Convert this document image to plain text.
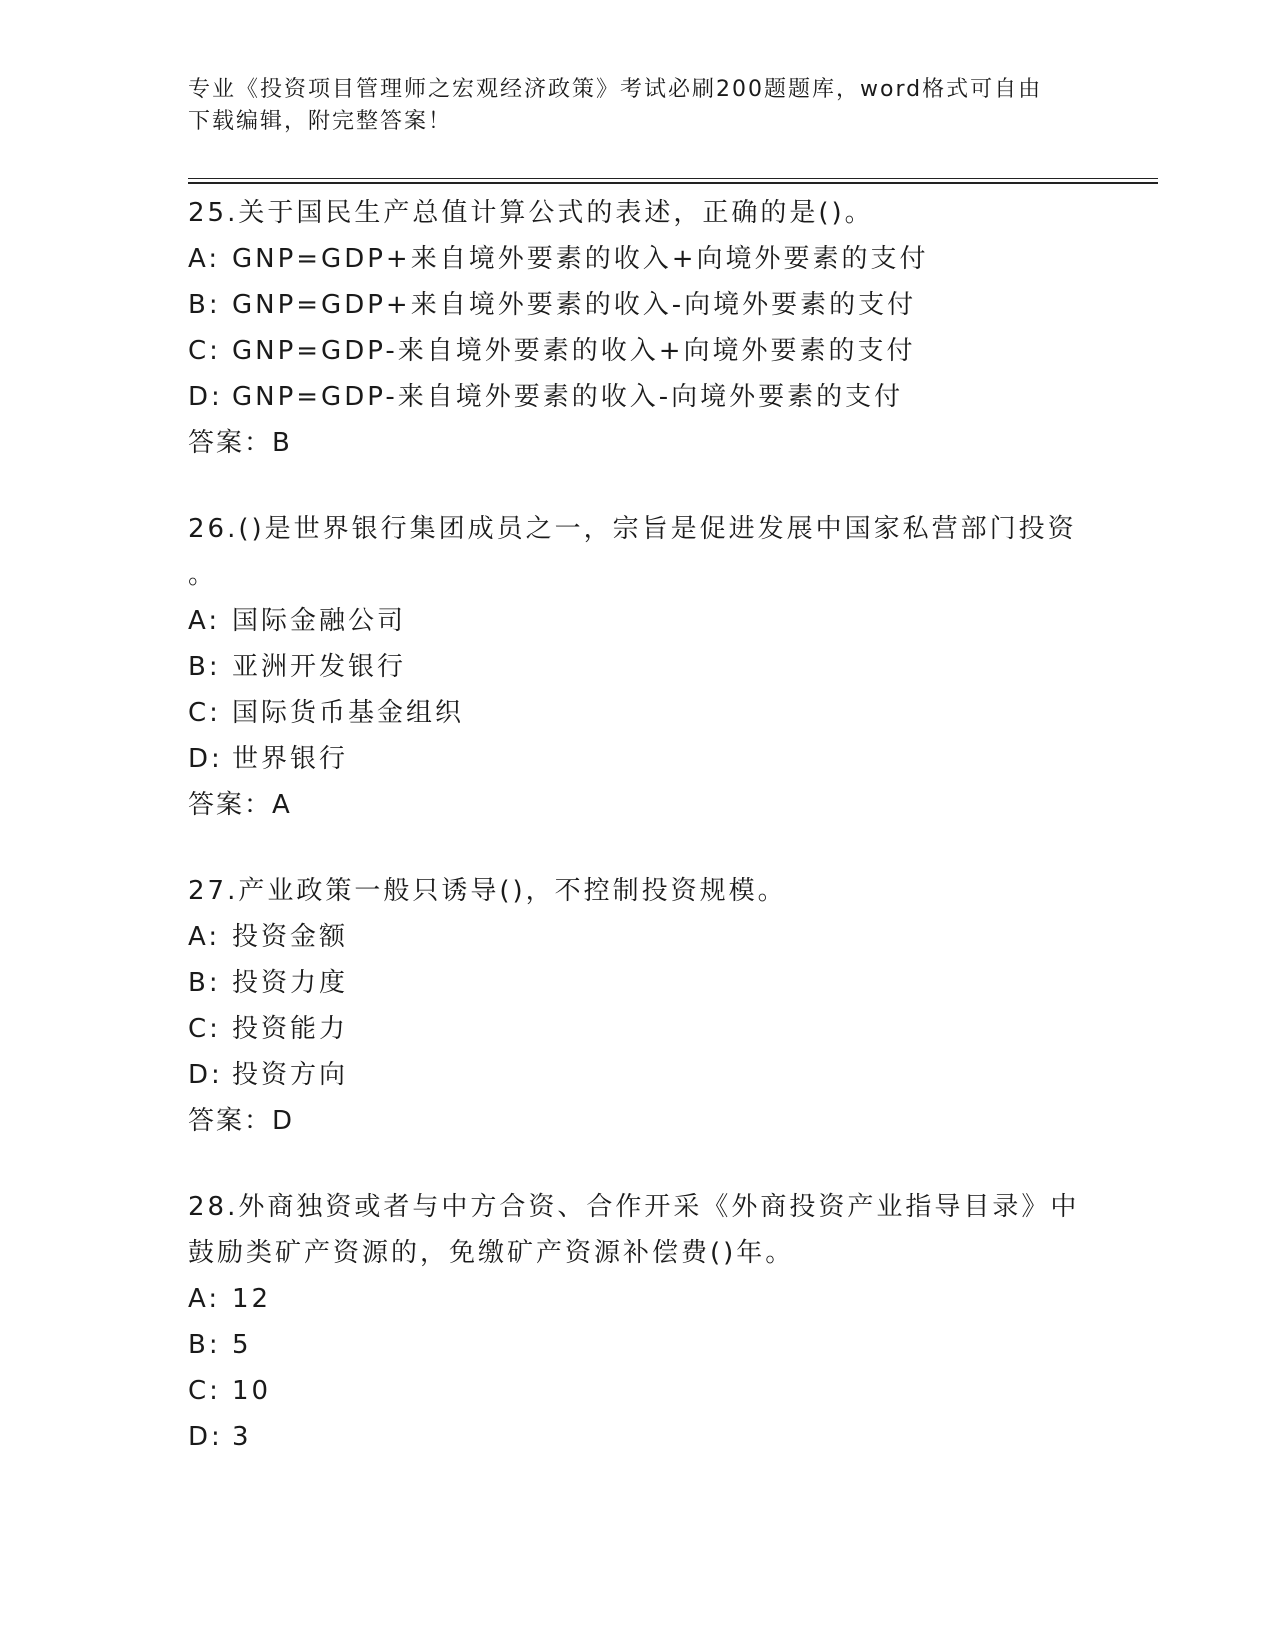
专业《投资项目管理师之宏观经济政策》考试必刷200题题库，word格式可自由
下载编辑，附完整答案！
25.关于国民生产总值计算公式的表述，正确的是()。
A: GNP=GDP+来自境外要素的收入+向境外要素的支付
B: GNP=GDP+来自境外要素的收入-向境外要素的支付
C: GNP=GDP-来自境外要素的收入+向境外要素的支付
D: GNP=GDP-来自境外要素的收入-向境外要素的支付
答案：B
26.()是世界银行集团成员之一，宗旨是促进发展中国家私营部门投资
。
A: 国际金融公司
B: 亚洲开发银行
C: 国际货币基金组织
D: 世界银行
答案：A
27.产业政策一般只诱导()，不控制投资规模。
A: 投资金额
B: 投资力度
C: 投资能力
D: 投资方向
答案：D
28.外商独资或者与中方合资、合作开采《外商投资产业指导目录》中
鼓励类矿产资源的，免缴矿产资源补偿费()年。
A: 12
B: 5
C: 10
D: 3
